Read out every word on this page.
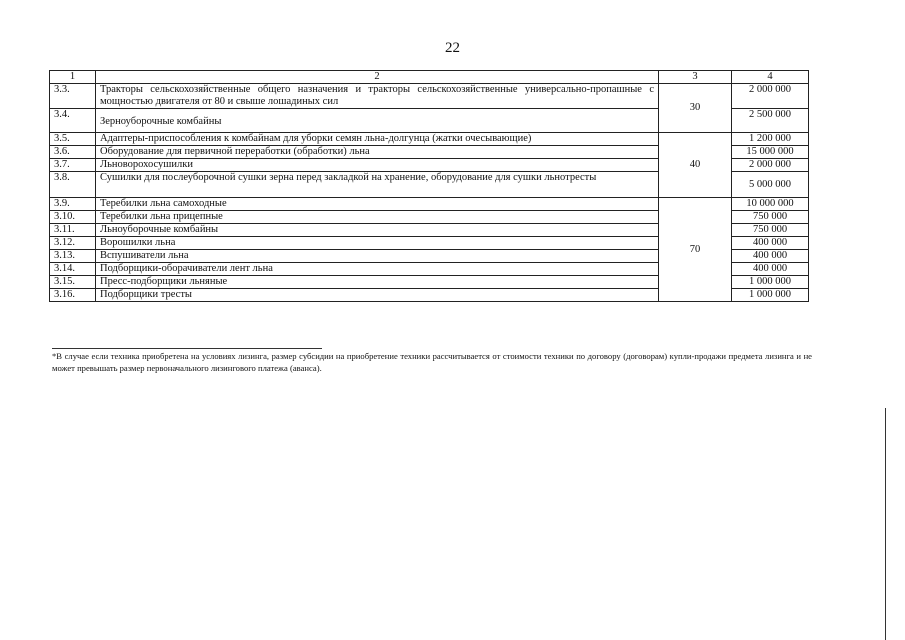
22
1	2	3	4
3.3.	Тракторы сельскохозяйственные общего назначения и тракторы сельскохозяйственные универсально-пропашные с мощностью двигателя от 80 и свыше лошадиных сил	30	2 000 000
3.4.	Зерноуборочные комбайны		2 500 000
3.5.	Адаптеры-приспособления к комбайнам для уборки семян льна-долгунца (жатки очесывающие)	40	1 200 000
3.6.	Оборудование для первичной переработки (обработки) льна		15 000 000
3.7.	Льноворохосушилки		2 000 000
3.8.	Сушилки для послеуборочной сушки зерна перед закладкой на хранение, оборудование для сушки льнотресты		5 000 000
3.9.	Теребилки льна самоходные	70	10 000 000
3.10.	Теребилки льна прицепные		750 000
3.11.	Льноуборочные комбайны		750 000
3.12.	Ворошилки льна		400 000
3.13.	Вспушиватели льна		400 000
3.14.	Подборщики-оборачиватели лент льна		400 000
3.15.	Пресс-подборщики льняные		1 000 000
3.16.	Подборщики тресты		1 000 000
*В случае если техника приобретена на условиях лизинга, размер субсидии на приобретение техники рассчитывается от стоимости техники по договору (договорам) купли-продажи предмета лизинга и не может превышать размер первоначального лизингового платежа (аванса).
